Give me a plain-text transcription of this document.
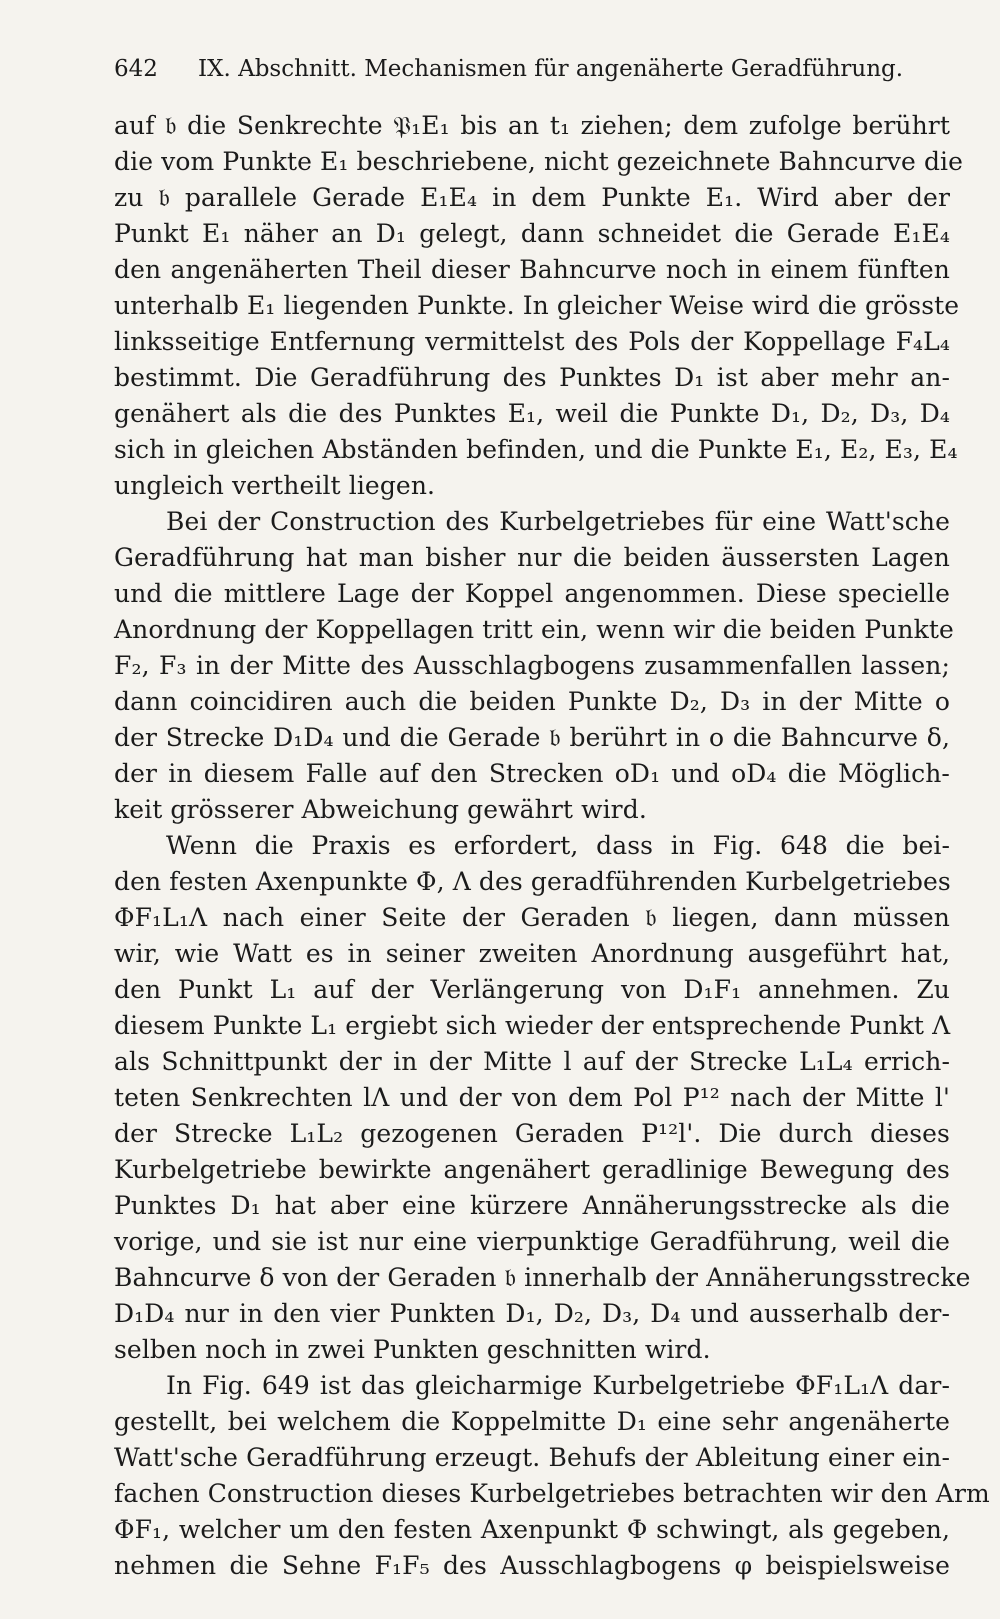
642 IX. Abschnitt. Mechanismen für angenäherte Geradführung.
auf 𝔟 die Senkrechte 𝔓₁E₁ bis an t₁ ziehen; dem zufolge berührt
die vom Punkte E₁ beschriebene, nicht gezeichnete Bahncurve die
zu 𝔟 parallele Gerade E₁E₄ in dem Punkte E₁. Wird aber der
Punkt E₁ näher an D₁ gelegt, dann schneidet die Gerade E₁E₄
den angenäherten Theil dieser Bahncurve noch in einem fünften
unterhalb E₁ liegenden Punkte. In gleicher Weise wird die grösste
linksseitige Entfernung vermittelst des Pols der Koppellage F₄L₄
bestimmt. Die Geradführung des Punktes D₁ ist aber mehr an-
genähert als die des Punktes E₁, weil die Punkte D₁, D₂, D₃, D₄
sich in gleichen Abständen befinden, und die Punkte E₁, E₂, E₃, E₄
ungleich vertheilt liegen.
Bei der Construction des Kurbelgetriebes für eine Watt'sche
Geradführung hat man bisher nur die beiden äussersten Lagen
und die mittlere Lage der Koppel angenommen. Diese specielle
Anordnung der Koppellagen tritt ein, wenn wir die beiden Punkte
F₂, F₃ in der Mitte des Ausschlagbogens zusammenfallen lassen;
dann coincidiren auch die beiden Punkte D₂, D₃ in der Mitte o
der Strecke D₁D₄ und die Gerade 𝔟 berührt in o die Bahncurve δ,
der in diesem Falle auf den Strecken oD₁ und oD₄ die Möglich-
keit grösserer Abweichung gewährt wird.
Wenn die Praxis es erfordert, dass in Fig. 648 die bei-
den festen Axenpunkte Φ, Λ des geradführenden Kurbelgetriebes
ΦF₁L₁Λ nach einer Seite der Geraden 𝔟 liegen, dann müssen
wir, wie Watt es in seiner zweiten Anordnung ausgeführt hat,
den Punkt L₁ auf der Verlängerung von D₁F₁ annehmen. Zu
diesem Punkte L₁ ergiebt sich wieder der entsprechende Punkt Λ
als Schnittpunkt der in der Mitte l auf der Strecke L₁L₄ errich-
teten Senkrechten lΛ und der von dem Pol P¹² nach der Mitte l'
der Strecke L₁L₂ gezogenen Geraden P¹²l'. Die durch dieses
Kurbelgetriebe bewirkte angenähert geradlinige Bewegung des
Punktes D₁ hat aber eine kürzere Annäherungsstrecke als die
vorige, und sie ist nur eine vierpunktige Geradführung, weil die
Bahncurve δ von der Geraden 𝔟 innerhalb der Annäherungsstrecke
D₁D₄ nur in den vier Punkten D₁, D₂, D₃, D₄ und ausserhalb der-
selben noch in zwei Punkten geschnitten wird.
In Fig. 649 ist das gleicharmige Kurbelgetriebe ΦF₁L₁Λ dar-
gestellt, bei welchem die Koppelmitte D₁ eine sehr angenäherte
Watt'sche Geradführung erzeugt. Behufs der Ableitung einer ein-
fachen Construction dieses Kurbelgetriebes betrachten wir den Arm
ΦF₁, welcher um den festen Axenpunkt Φ schwingt, als gegeben,
nehmen die Sehne F₁F₅ des Ausschlagbogens φ beispielsweise
